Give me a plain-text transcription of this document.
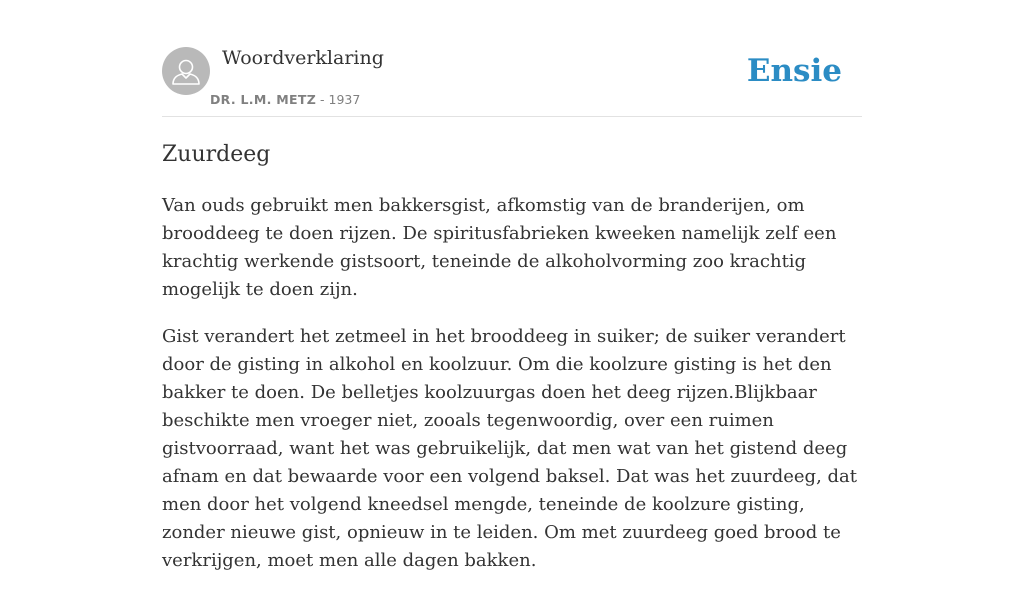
Woordverklaring
DR. L.M. METZ - 1937
Ensie
Zuurdeeg

Van ouds gebruikt men bakkersgist, afkomstig van de branderijen, om brooddeeg te doen rijzen. De spiritusfabrieken kweeken namelijk zelf een krachtig werkende gistsoort, teneinde de alkoholvorming zoo krachtig mogelijk te doen zijn.

Gist verandert het zetmeel in het brooddeeg in suiker; de suiker verandert door de gisting in alkohol en koolzuur. Om die koolzure gisting is het den bakker te doen. De belletjes koolzuurgas doen het deeg rijzen.Blijkbaar beschikte men vroeger niet, zooals tegenwoordig, over een ruimen gistvoorraad, want het was gebruikelijk, dat men wat van het gistend deeg afnam en dat bewaarde voor een volgend baksel. Dat was het zuurdeeg, dat men door het volgend kneedsel mengde, teneinde de koolzure gisting, zonder nieuwe gist, opnieuw in te leiden. Om met zuurdeeg goed brood te verkrijgen, moet men alle dagen bakken.
